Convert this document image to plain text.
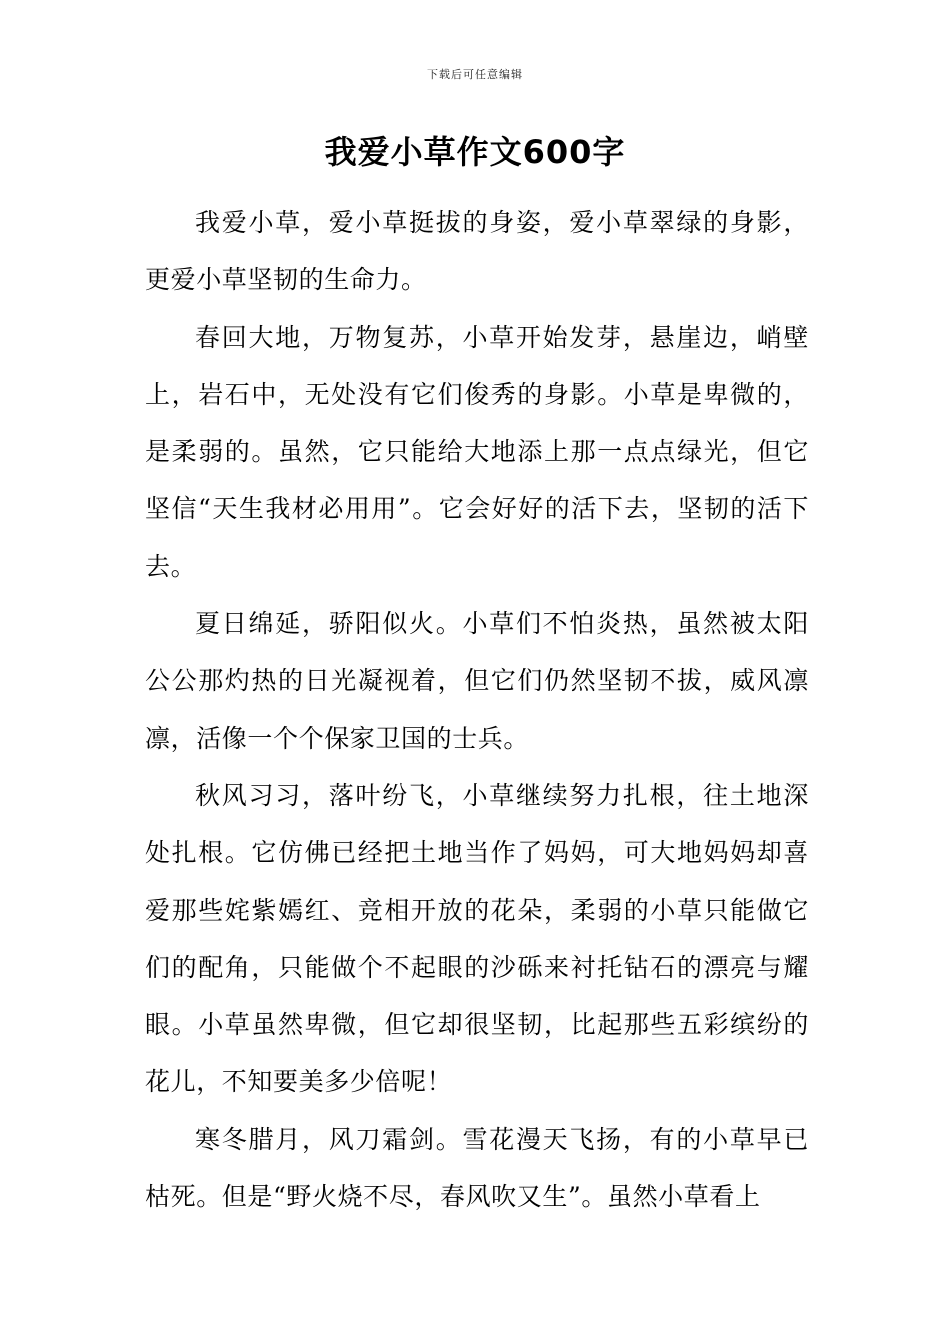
下载后可任意编辑
我爱小草作文600字

我爱小草，爱小草挺拔的身姿，爱小草翠绿的身影，更爱小草坚韧的生命力。

春回大地，万物复苏，小草开始发芽，悬崖边，峭壁上，岩石中，无处没有它们俊秀的身影。小草是卑微的，是柔弱的。虽然，它只能给大地添上那一点点绿光，但它坚信“天生我材必用用”。它会好好的活下去，坚韧的活下去。

夏日绵延，骄阳似火。小草们不怕炎热，虽然被太阳公公那灼热的日光凝视着，但它们仍然坚韧不拔，威风凛凛，活像一个个保家卫国的士兵。

秋风习习，落叶纷飞，小草继续努力扎根，往土地深处扎根。它仿佛已经把土地当作了妈妈，可大地妈妈却喜爱那些姹紫嫣红、竞相开放的花朵，柔弱的小草只能做它们的配角，只能做个不起眼的沙砾来衬托钻石的漂亮与耀眼。小草虽然卑微，但它却很坚韧，比起那些五彩缤纷的花儿，不知要美多少倍呢！

寒冬腊月，风刀霜剑。雪花漫天飞扬，有的小草早已枯死。但是“野火烧不尽，春风吹又生”。虽然小草看上
